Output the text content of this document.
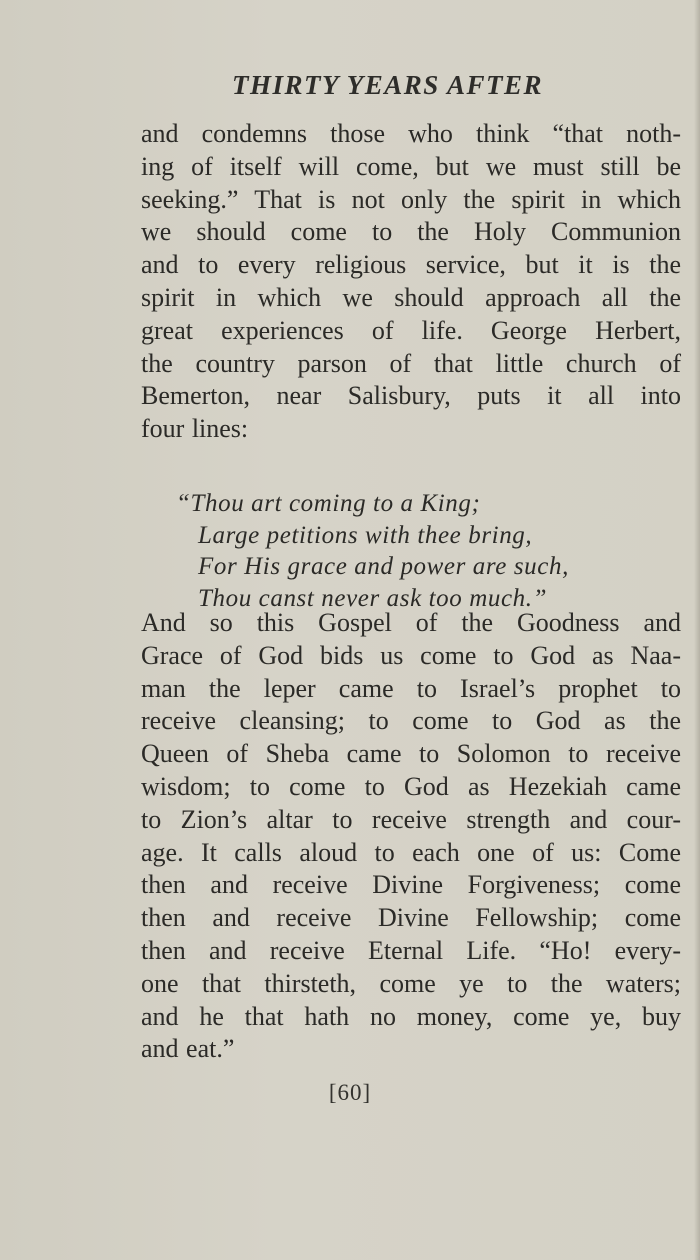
THIRTY YEARS AFTER
and condemns those who think “that noth-
ing of itself will come, but we must still be
seeking.” That is not only the spirit in which
we should come to the Holy Communion
and to every religious service, but it is the
spirit in which we should approach all the
great experiences of life. George Herbert,
the country parson of that little church of
Bemerton, near Salisbury, puts it all into
four lines:
“Thou art coming to a King;
Large petitions with thee bring,
For His grace and power are such,
Thou canst never ask too much.”
And so this Gospel of the Goodness and
Grace of God bids us come to God as Naa-
man the leper came to Israel’s prophet to
receive cleansing; to come to God as the
Queen of Sheba came to Solomon to receive
wisdom; to come to God as Hezekiah came
to Zion’s altar to receive strength and cour-
age. It calls aloud to each one of us: Come
then and receive Divine Forgiveness; come
then and receive Divine Fellowship; come
then and receive Eternal Life. “Ho! every-
one that thirsteth, come ye to the waters;
and he that hath no money, come ye, buy
and eat.”
[60]
